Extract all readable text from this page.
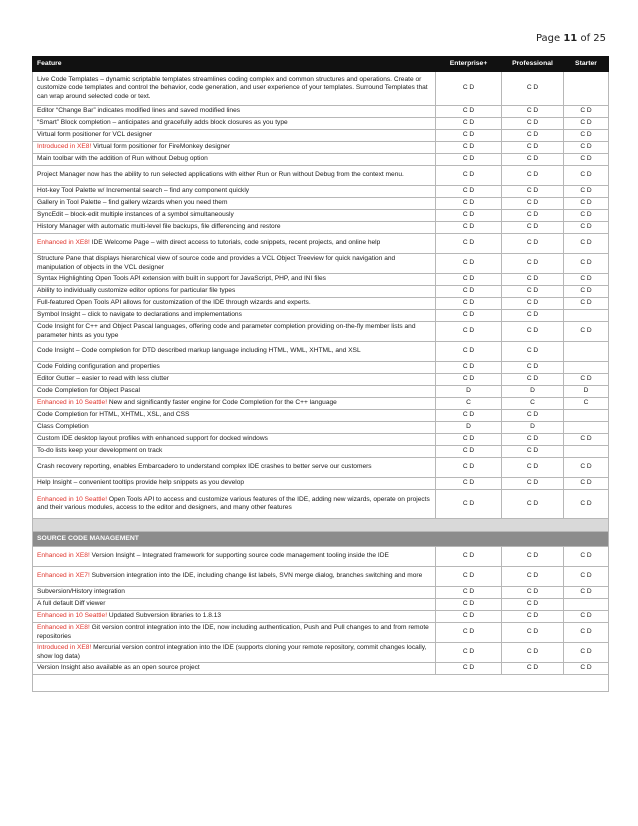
Page 11 of 25
Feature	Enterprise+	Professional	Starter
Live Code Templates – dynamic scriptable templates streamlines coding complex and common structures and operations. Create or customize code templates and control the behavior, code generation, and user experience of your templates. Surround Templates that can wrap around selected code or text.	C D	C D	
Editor “Change Bar” indicates modified lines and saved modified lines	C D	C D	C D
“Smart” Block completion – anticipates and gracefully adds block closures as you type	C D	C D	C D
Virtual form positioner for VCL designer	C D	C D	C D
Introduced in XE8! Virtual form positioner for FireMonkey designer	C D	C D	C D
Main toolbar with the addition of Run without Debug option	C D	C D	C D
Project Manager now has the ability to run selected applications with either Run or Run without Debug from the context menu.	C D	C D	C D
Hot-key Tool Palette w/ Incremental search – find any component quickly	C D	C D	C D
Gallery in Tool Palette – find gallery wizards when you need them	C D	C D	C D
SyncEdit – block-edit multiple instances of a symbol simultaneously	C D	C D	C D
History Manager with automatic multi-level file backups, file differencing and restore	C D	C D	C D
Enhanced in XE8! IDE Welcome Page – with direct access to tutorials, code snippets, recent projects, and online help	C D	C D	C D
Structure Pane that displays hierarchical view of source code and provides a VCL Object Treeview for quick navigation and manipulation of objects in the VCL designer	C D	C D	C D
Syntax Highlighting Open Tools API extension with built in support for JavaScript, PHP, and INI files	C D	C D	C D
Ability to individually customize editor options for particular file types	C D	C D	C D
Full-featured Open Tools API allows for customization of the IDE through wizards and experts.	C D	C D	C D
Symbol Insight – click to navigate to declarations and implementations	C D	C D	
Code Insight for C++ and Object Pascal languages, offering code and parameter completion providing on-the-fly member lists and parameter hints as you type	C D	C D	C D
Code Insight – Code completion for DTD described markup language including HTML, WML, XHTML, and XSL	C D	C D	
Code Folding configuration and properties	C D	C D	
Editor Gutter – easier to read with less clutter	C D	C D	C D
Code Completion for Object Pascal	D	D	D
Enhanced in 10 Seattle! New and significantly faster engine for Code Completion for the C++ language	C	C	C
Code Completion for HTML, XHTML, XSL, and CSS	C D	C D	
Class Completion	D	D	
Custom IDE desktop layout profiles with enhanced support for docked windows	C D	C D	C D
To-do lists keep your development on track	C D	C D	
Crash recovery reporting, enables Embarcadero to understand complex IDE crashes to better serve our customers	C D	C D	C D
Help Insight – convenient tooltips provide help snippets as you develop	C D	C D	C D
Enhanced in 10 Seattle! Open Tools API to access and customize various features of the IDE, adding new wizards, operate on projects and their various modules, access to the editor and designers, and many other features	C D	C D	C D

SOURCE CODE MANAGEMENT			
Enhanced in XE8! Version Insight – Integrated framework for supporting source code management tooling inside the IDE	C D	C D	C D
Enhanced in XE7! Subversion integration into the IDE, including change list labels, SVN merge dialog, branches switching and more	C D	C D	C D
Subversion/History integration	C D	C D	C D
A full default Diff viewer	C D	C D	
Enhanced in 10 Seattle! Updated Subversion libraries to 1.8.13	C D	C D	C D
Enhanced in XE8! Git version control integration into the IDE, now including authentication, Push and Pull changes to and from remote repositories	C D	C D	C D
Introduced in XE8! Mercurial version control integration into the IDE (supports cloning your remote repository, commit changes locally, show log data)	C D	C D	C D
Version Insight also available as an open source project	C D	C D	C D
